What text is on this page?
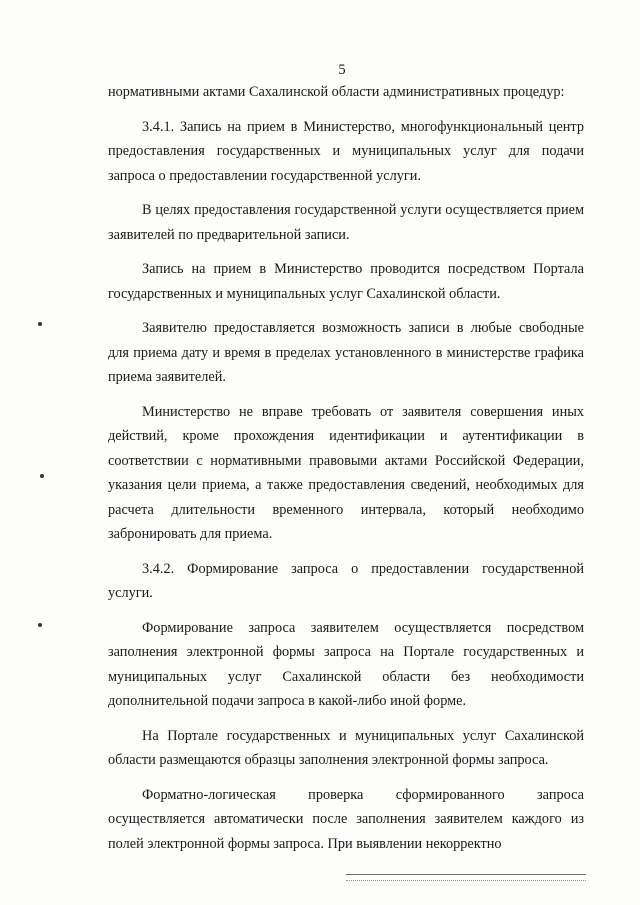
5

нормативными актами Сахалинской области административных процедур:

3.4.1. Запись на прием в Министерство, многофункциональный центр предоставления государственных и муниципальных услуг для подачи запроса о предоставлении государственной услуги.

В целях предоставления государственной услуги осуществляется прием заявителей по предварительной записи.

Запись на прием в Министерство проводится посредством Портала государственных и муниципальных услуг Сахалинской области.

Заявителю предоставляется возможность записи в любые свободные для приема дату и время в пределах установленного в министерстве графика приема заявителей.

Министерство не вправе требовать от заявителя совершения иных действий, кроме прохождения идентификации и аутентификации в соответствии с нормативными правовыми актами Российской Федерации, указания цели приема, а также предоставления сведений, необходимых для расчета длительности временного интервала, который необходимо забронировать для приема.

3.4.2. Формирование запроса о предоставлении государственной услуги.

Формирование запроса заявителем осуществляется посредством заполнения электронной формы запроса на Портале государственных и муниципальных услуг Сахалинской области без необходимости дополнительной подачи запроса в какой-либо иной форме.

На Портале государственных и муниципальных услуг Сахалинской области размещаются образцы заполнения электронной формы запроса.

Форматно-логическая проверка сформированного запроса осуществляется автоматически после заполнения заявителем каждого из полей электронной формы запроса. При выявлении некорректно
